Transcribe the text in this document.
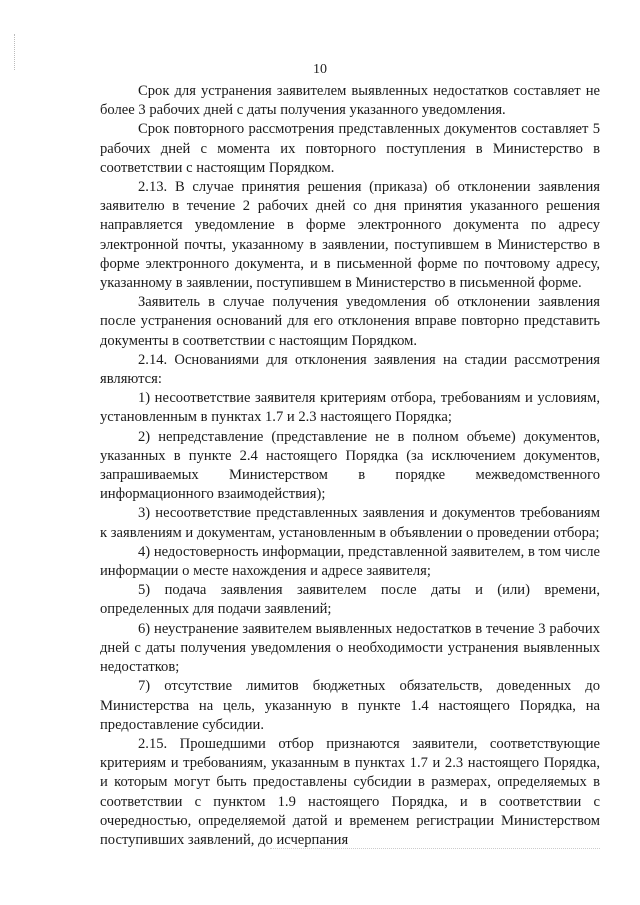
10

Срок для устранения заявителем выявленных недостатков составляет не более 3 рабочих дней с даты получения указанного уведомления.

Срок повторного рассмотрения представленных документов составляет 5 рабочих дней с момента их повторного поступления в Министерство в соответствии с настоящим Порядком.

2.13. В случае принятия решения (приказа) об отклонении заявления заявителю в течение 2 рабочих дней со дня принятия указанного решения направляется уведомление в форме электронного документа по адресу электронной почты, указанному в заявлении, поступившем в Министерство в форме электронного документа, и в письменной форме по почтовому адресу, указанному в заявлении, поступившем в Министерство в письменной форме.

Заявитель в случае получения уведомления об отклонении заявления после устранения оснований для его отклонения вправе повторно представить документы в соответствии с настоящим Порядком.

2.14. Основаниями для отклонения заявления на стадии рассмотрения являются:

1) несоответствие заявителя критериям отбора, требованиям и условиям, установленным в пунктах 1.7 и 2.3 настоящего Порядка;

2) непредставление (представление не в полном объеме) документов, указанных в пункте 2.4 настоящего Порядка (за исключением документов, запрашиваемых Министерством в порядке межведомственного информационного взаимодействия);

3) несоответствие представленных заявления и документов требованиям к заявлениям и документам, установленным в объявлении о проведении отбора;

4) недостоверность информации, представленной заявителем, в том числе информации о месте нахождения и адресе заявителя;

5) подача заявления заявителем после даты и (или) времени, определенных для подачи заявлений;

6) неустранение заявителем выявленных недостатков в течение 3 рабочих дней с даты получения уведомления о необходимости устранения выявленных недостатков;

7) отсутствие лимитов бюджетных обязательств, доведенных до Министерства на цель, указанную в пункте 1.4 настоящего Порядка, на предоставление субсидии.

2.15. Прошедшими отбор признаются заявители, соответствующие критериям и требованиям, указанным в пунктах 1.7 и 2.3 настоящего Порядка, и которым могут быть предоставлены субсидии в размерах, определяемых в соответствии с пунктом 1.9 настоящего Порядка, и в соответствии с очередностью, определяемой датой и временем регистрации Министерством поступивших заявлений, до исчерпания
